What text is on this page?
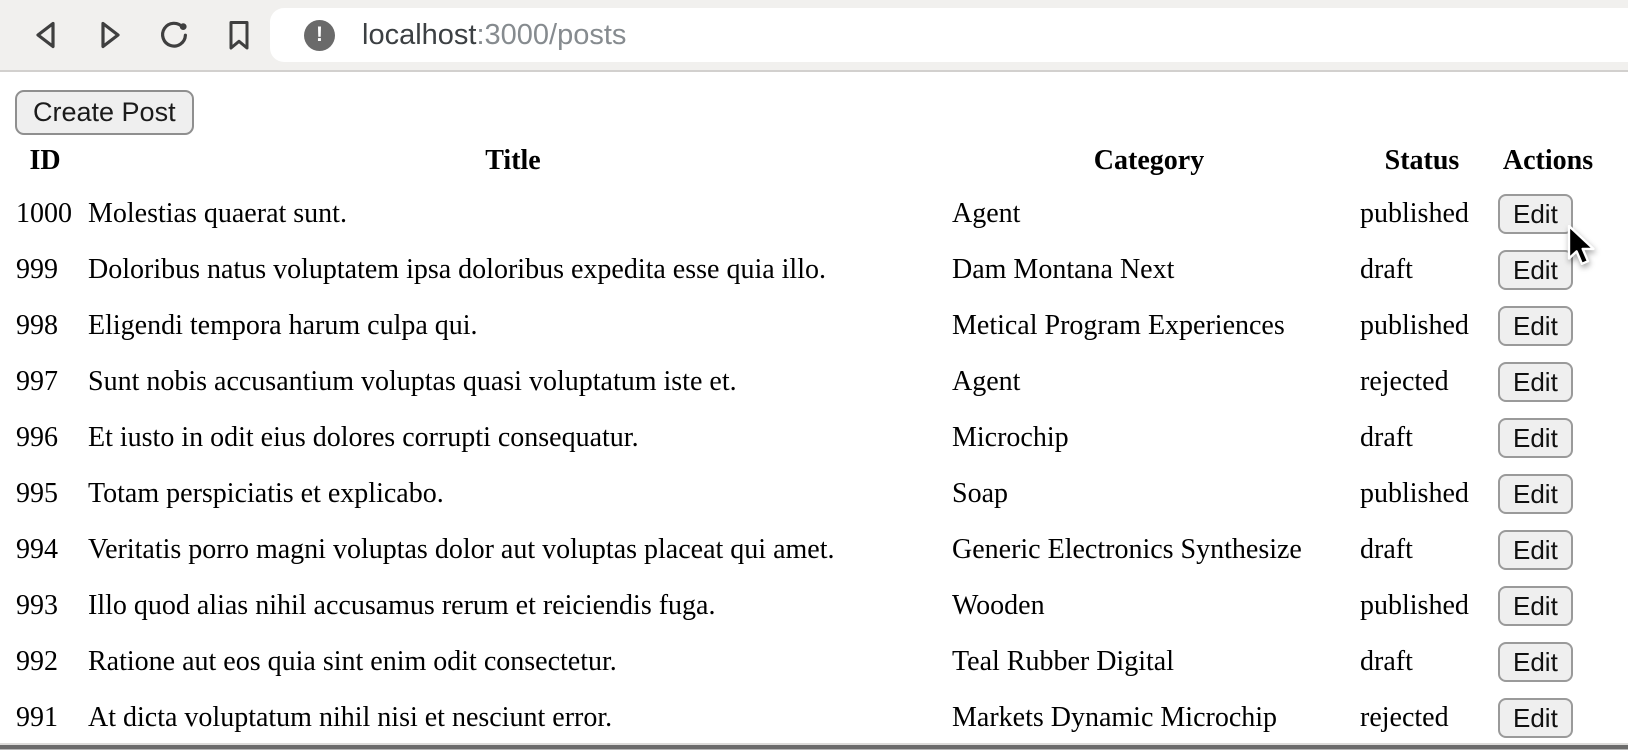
!	localhost:3000/posts
Create Post
ID	Title	Category	Status	Actions
1000	Molestias quaerat sunt.	Agent	published	Edit
999	Doloribus natus voluptatem ipsa doloribus expedita esse quia illo.	Dam Montana Next	draft	Edit
998	Eligendi tempora harum culpa qui.	Metical Program Experiences	published	Edit
997	Sunt nobis accusantium voluptas quasi voluptatum iste et.	Agent	rejected	Edit
996	Et iusto in odit eius dolores corrupti consequatur.	Microchip	draft	Edit
995	Totam perspiciatis et explicabo.	Soap	published	Edit
994	Veritatis porro magni voluptas dolor aut voluptas placeat qui amet.	Generic Electronics Synthesize	draft	Edit
993	Illo quod alias nihil accusamus rerum et reiciendis fuga.	Wooden	published	Edit
992	Ratione aut eos quia sint enim odit consectetur.	Teal Rubber Digital	draft	Edit
991	At dicta voluptatum nihil nisi et nesciunt error.	Markets Dynamic Microchip	rejected	Edit
